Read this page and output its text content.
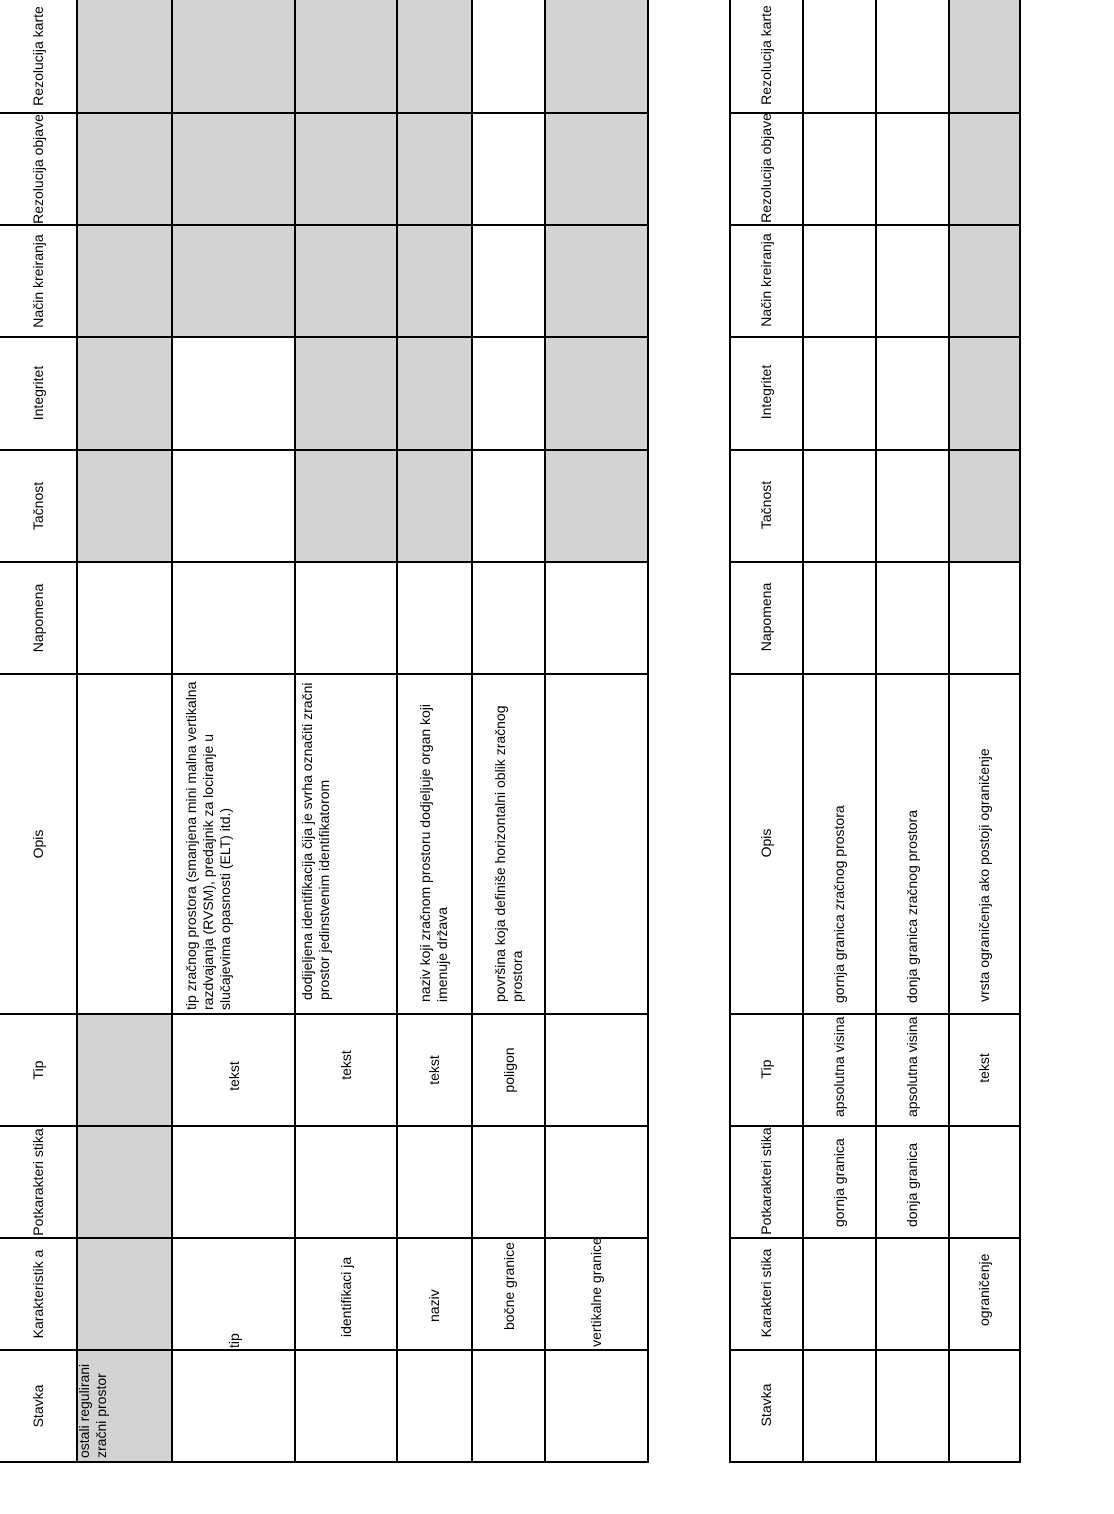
Stavka
Karakteristik a
Potkarakteri stika
Tip
Opis
Napomena
Tačnost
Integritet
Način kreiranja
Rezolucija objave
Rezolucija karte
ostali regulirani zračni prostor
tip
tekst
tip zračnog prostora (smanjena mini malna vertikalna razdvajanja (RVSM), predajnik za lociranje u slučajevima opasnosti (ELT) itd.)
identifikaci ja
tekst
dodijeljena identifikacija čija je svrha označiti zračni prostor jedinstvenim identifikatorom
naziv
tekst
naziv koji zračnom prostoru dodjeljuje organ koji imenuje država
bočne granice
poligon
površina koja definiše horizontalni oblik zračnog prostora
vertikalne granice
Stavka
Karakteri stika
Potkarakteri stika
Tip
Opis
Napomena
Tačnost
Integritet
Način kreiranja
Rezolucija objave
Rezolucija karte
gornja granica
apsolutna visina
gornja granica zračnog prostora
donja granica
apsolutna visina
donja granica zračnog prostora
ograničenje
tekst
vrsta ograničenja ako postoji ograničenje
